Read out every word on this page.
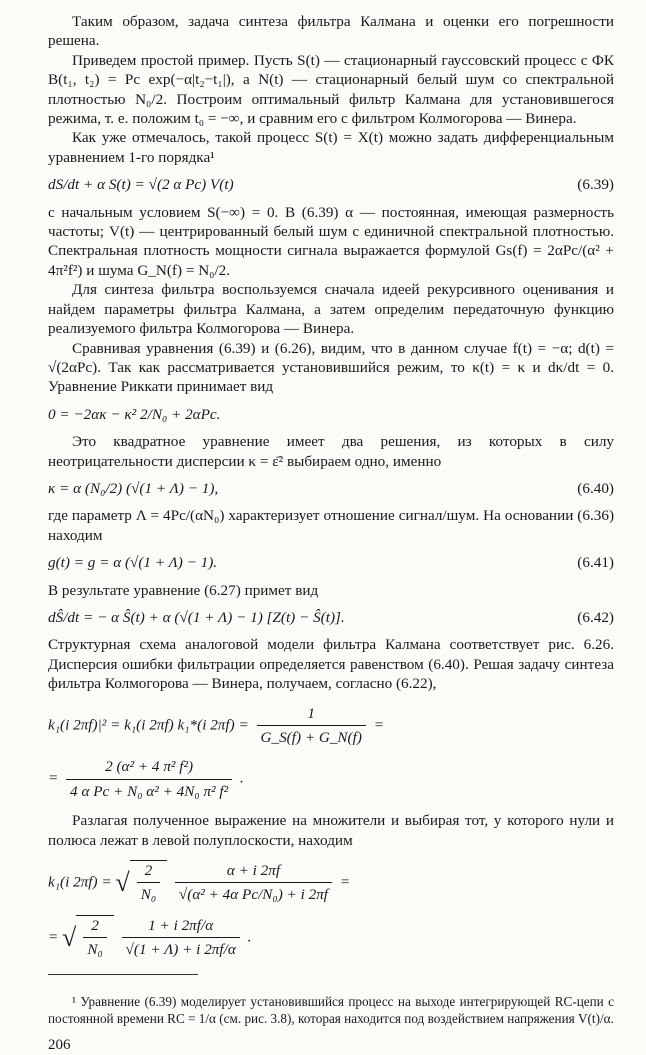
Таким образом, задача синтеза фильтра Калмана и оценки его погрешности решена.

Приведем простой пример. Пусть S(t) — стационарный гауссовский процесс с ФК B(t₁, t₂) = Pc exp(−α|t₂−t₁|), а N(t) — стационарный белый шум со спектральной плотностью N₀/2. Построим оптимальный фильтр Калмана для установившегося режима, т. е. положим t₀ = −∞, и сравним его с фильтром Колмогорова — Винера.

Как уже отмечалось, такой процесс S(t) = X(t) можно задать дифференциальным уравнением 1-го порядка¹

dS/dt + α S(t) = √(2 α Pc) V(t)	(6.39)

с начальным условием S(−∞) = 0. В (6.39) α — постоянная, имеющая размерность частоты; V(t) — центрированный белый шум с единичной спектральной плотностью. Спектральная плотность мощности сигнала выражается формулой Gs(f) = 2αPc/(α² + 4π²f²) и шума G_N(f) = N₀/2.

Для синтеза фильтра воспользуемся сначала идеей рекурсивного оценивания и найдем параметры фильтра Калмана, а затем определим передаточную функцию реализуемого фильтра Колмогорова — Винера.

Сравнивая уравнения (6.39) и (6.26), видим, что в данном случае f(t) = −α; d(t) = √(2αPc). Так как рассматривается установившийся режим, то κ(t) = κ и dκ/dt = 0. Уравнение Риккати принимает вид

0 = −2ακ − κ² 2/N₀ + 2αPc.

Это квадратное уравнение имеет два решения, из которых в силу неотрицательности дисперсии κ = ε̄² выбираем одно, именно

κ = α (N₀/2) (√(1 + Λ) − 1),	(6.40)

где параметр Λ = 4Pc/(αN₀) характеризует отношение сигнал/шум. На основании (6.36) находим

g(t) = g = α (√(1 + Λ) − 1).	(6.41)

В результате уравнение (6.27) примет вид

dŜ/dt = − α Ŝ(t) + α (√(1 + Λ) − 1) [Z(t) − Ŝ(t)].	(6.42)

Структурная схема аналоговой модели фильтра Калмана соответствует рис. 6.26. Дисперсия ошибки фильтрации определяется равенством (6.40). Решая задачу синтеза фильтра Колмогорова — Винера, получаем, согласно (6.22),

k₁(i 2πf)|² = k₁(i 2πf) k₁*(i $2\pi f) = \frac{1}{G\_S(f) + G\_N(f)}$ =
= $\frac{\text{2 (α² + 4 π² f²)}}{\text{4 α Pc + N₀ α² + 4N₀ π² f²}}$ .

Разлагая полученное выражение на множители и выбирая тот, у которого нули и полюса лежат в левой полуплоскости, находим

k₁(i 2πf) = √ $\frac{2}{\text{N₀}}$
$\frac{\alpha + i 2\pi f}{\text{√(α² + 4α Pc/N₀) + i 2πf}}$ =
= √ $\frac{2}{\text{N₀}}$
$\frac{1 + i 2\pi f/\alpha}{√(1 + \Lambda) + i 2\pi f/\alpha}$ .

¹ Уравнение (6.39) моделирует установившийся процесс на выходе интегрирующей RC-цепи с постоянной времени RC = 1/α (см. рис. 3.8), которая находится под воздействием напряжения V(t)/α.

206
